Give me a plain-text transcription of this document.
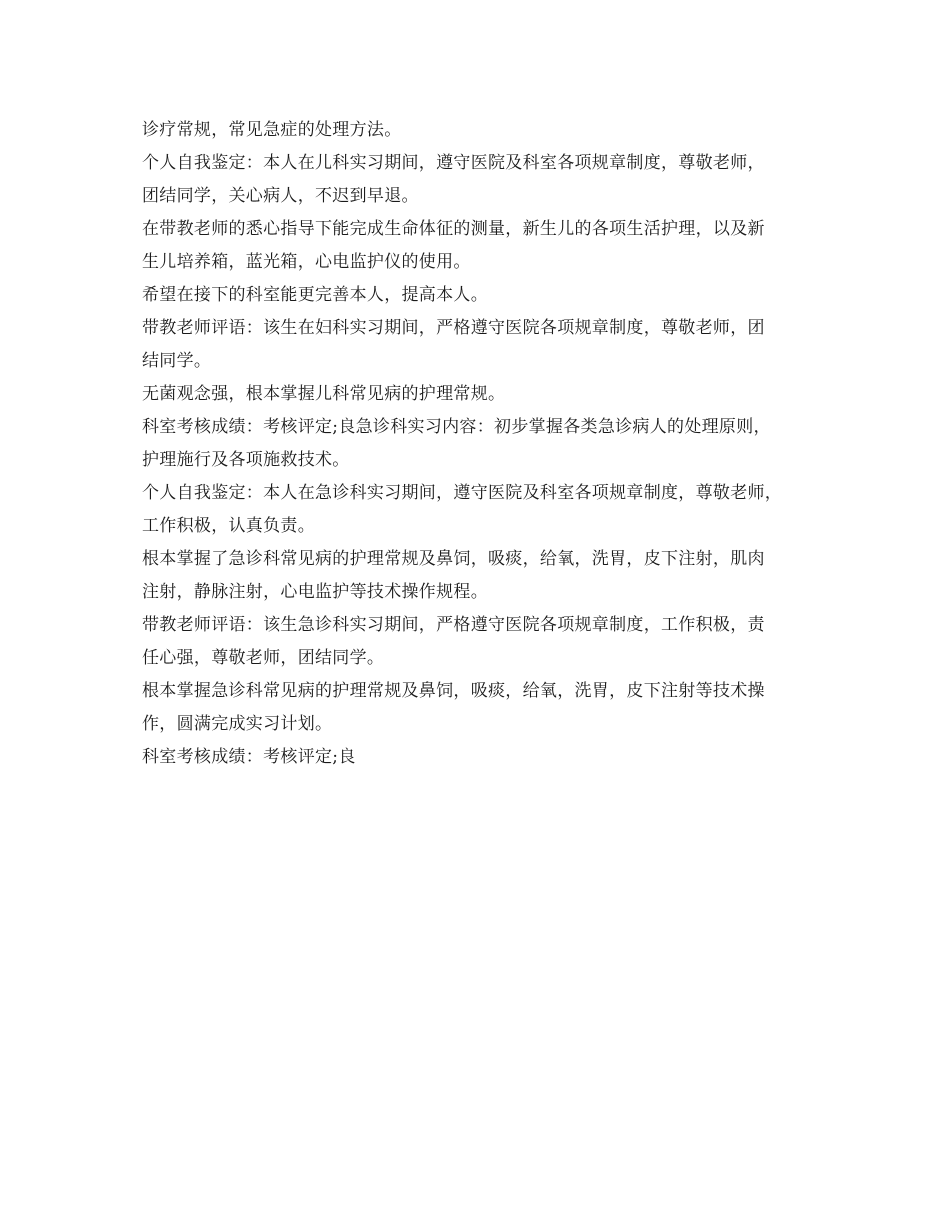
诊疗常规，常见急症的处理方法。

个人自我鉴定：本人在儿科实习期间，遵守医院及科室各项规章制度，尊敬老师，

团结同学，关心病人，不迟到早退。

在带教老师的悉心指导下能完成生命体征的测量，新生儿的各项生活护理，以及新

生儿培养箱，蓝光箱，心电监护仪的使用。

希望在接下的科室能更完善本人，提高本人。

带教老师评语：该生在妇科实习期间，严格遵守医院各项规章制度，尊敬老师，团

结同学。

无菌观念强，根本掌握儿科常见病的护理常规。

科室考核成绩：考核评定;良急诊科实习内容：初步掌握各类急诊病人的处理原则，

护理施行及各项施救技术。

个人自我鉴定：本人在急诊科实习期间，遵守医院及科室各项规章制度，尊敬老师，

工作积极，认真负责。

根本掌握了急诊科常见病的护理常规及鼻饲，吸痰，给氧，洗胃，皮下注射，肌肉

注射，静脉注射，心电监护等技术操作规程。

带教老师评语：该生急诊科实习期间，严格遵守医院各项规章制度，工作积极，责

任心强，尊敬老师，团结同学。

根本掌握急诊科常见病的护理常规及鼻饲，吸痰，给氧，洗胃，皮下注射等技术操

作，圆满完成实习计划。

科室考核成绩：考核评定;良
